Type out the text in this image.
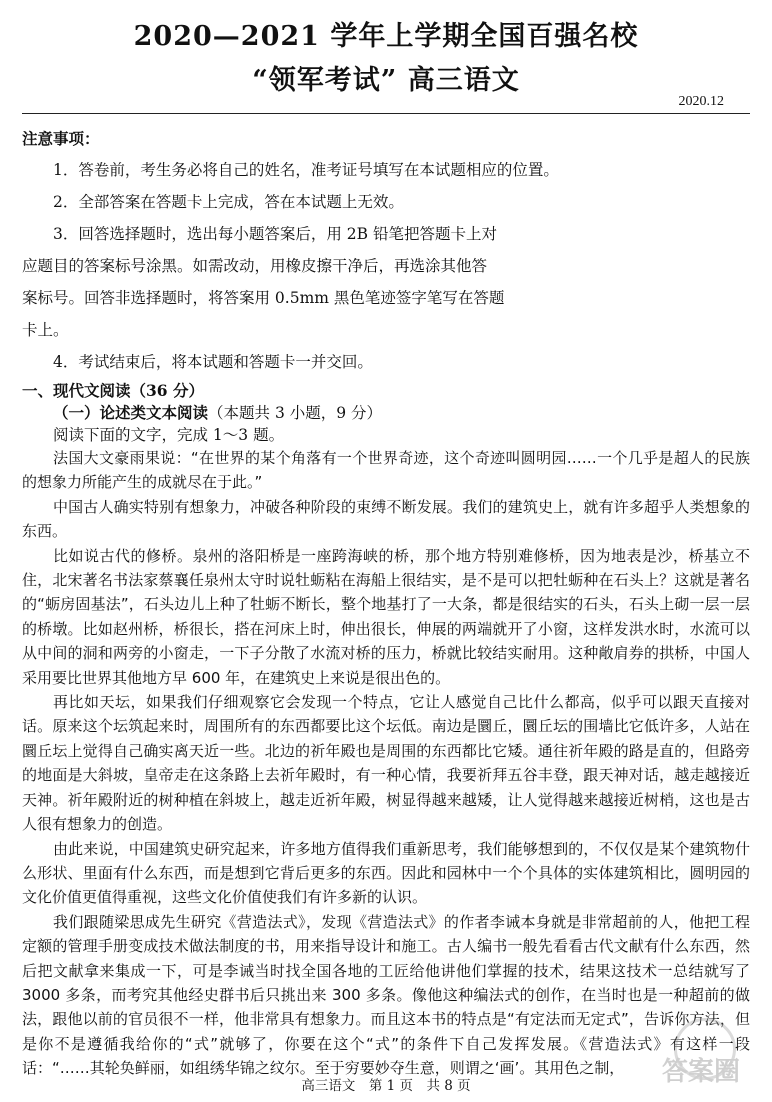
2020—2021 学年上学期全国百强名校
“领军考试” 高三语文
2020.12
注意事项：
1．答卷前，考生务必将自己的姓名，准考证号填写在本试题相应的位置。
2．全部答案在答题卡上完成，答在本试题上无效。
3．回答选择题时，选出每小题答案后，用 2B 铅笔把答题卡上对
应题目的答案标号涂黑。如需改动，用橡皮擦干净后，再选涂其他答
案标号。回答非选择题时，将答案用 0.5mm 黑色笔迹签字笔写在答题
卡上。
4．考试结束后，将本试题和答题卡一并交回。
一、现代文阅读（36 分）
（一）论述类文本阅读（本题共 3 小题，9 分）
阅读下面的文字，完成 1～3 题。

法国大文豪雨果说：“在世界的某个角落有一个世界奇迹，这个奇迹叫圆明园……一个几乎是超人的民族的想象力所能产生的成就尽在于此。”

中国古人确实特别有想象力，冲破各种阶段的束缚不断发展。我们的建筑史上，就有许多超乎人类想象的东西。

比如说古代的修桥。泉州的洛阳桥是一座跨海峡的桥，那个地方特别难修桥，因为地表是沙，桥基立不住，北宋著名书法家蔡襄任泉州太守时说牡蛎粘在海船上很结实，是不是可以把牡蛎种在石头上？这就是著名的“蛎房固基法”，石头边儿上种了牡蛎不断长，整个地基打了一大条，都是很结实的石头，石头上砌一层一层的桥墩。比如赵州桥，桥很长，搭在河床上时，伸出很长，伸展的两端就开了小窗，这样发洪水时，水流可以从中间的洞和两旁的小窗走，一下子分散了水流对桥的压力，桥就比较结实耐用。这种敞肩券的拱桥，中国人采用要比世界其他地方早 600 年，在建筑史上来说是很出色的。

再比如天坛，如果我们仔细观察它会发现一个特点，它让人感觉自己比什么都高，似乎可以跟天直接对话。原来这个坛筑起来时，周围所有的东西都要比这个坛低。南边是圜丘，圜丘坛的围墙比它低许多，人站在圜丘坛上觉得自己确实离天近一些。北边的祈年殿也是周围的东西都比它矮。通往祈年殿的路是直的，但路旁的地面是大斜坡，皇帝走在这条路上去祈年殿时，有一种心情，我要祈拜五谷丰登，跟天神对话，越走越接近天神。祈年殿附近的树种植在斜坡上，越走近祈年殿，树显得越来越矮，让人觉得越来越接近树梢，这也是古人很有想象力的创造。

由此来说，中国建筑史研究起来，许多地方值得我们重新思考，我们能够想到的，不仅仅是某个建筑物什么形状、里面有什么东西，而是想到它背后更多的东西。因此和园林中一个个具体的实体建筑相比，圆明园的文化价值更值得重视，这些文化价值使我们有许多新的认识。

我们跟随梁思成先生研究《营造法式》，发现《营造法式》的作者李诫本身就是非常超前的人，他把工程定额的管理手册变成技术做法制度的书，用来指导设计和施工。古人编书一般先看看古代文献有什么东西，然后把文献拿来集成一下，可是李诫当时找全国各地的工匠给他讲他们掌握的技术，结果这技术一总结就写了 3000 多条，而考究其他经史群书后只挑出来 300 多条。像他这种编法式的创作，在当时也是一种超前的做法，跟他以前的官员很不一样，他非常具有想象力。而且这本书的特点是“有定法而无定式”，告诉你方法，但是你不是遵循我给你的“式”就够了，你要在这个“式”的条件下自己发挥发展。《营造法式》有这样一段话：“……其轮奂鲜丽，如组绣华锦之纹尔。至于穷要妙夺生意，则谓之‘画’。其用色之制，

高三语文　第 1 页　共 8 页	答案圈
